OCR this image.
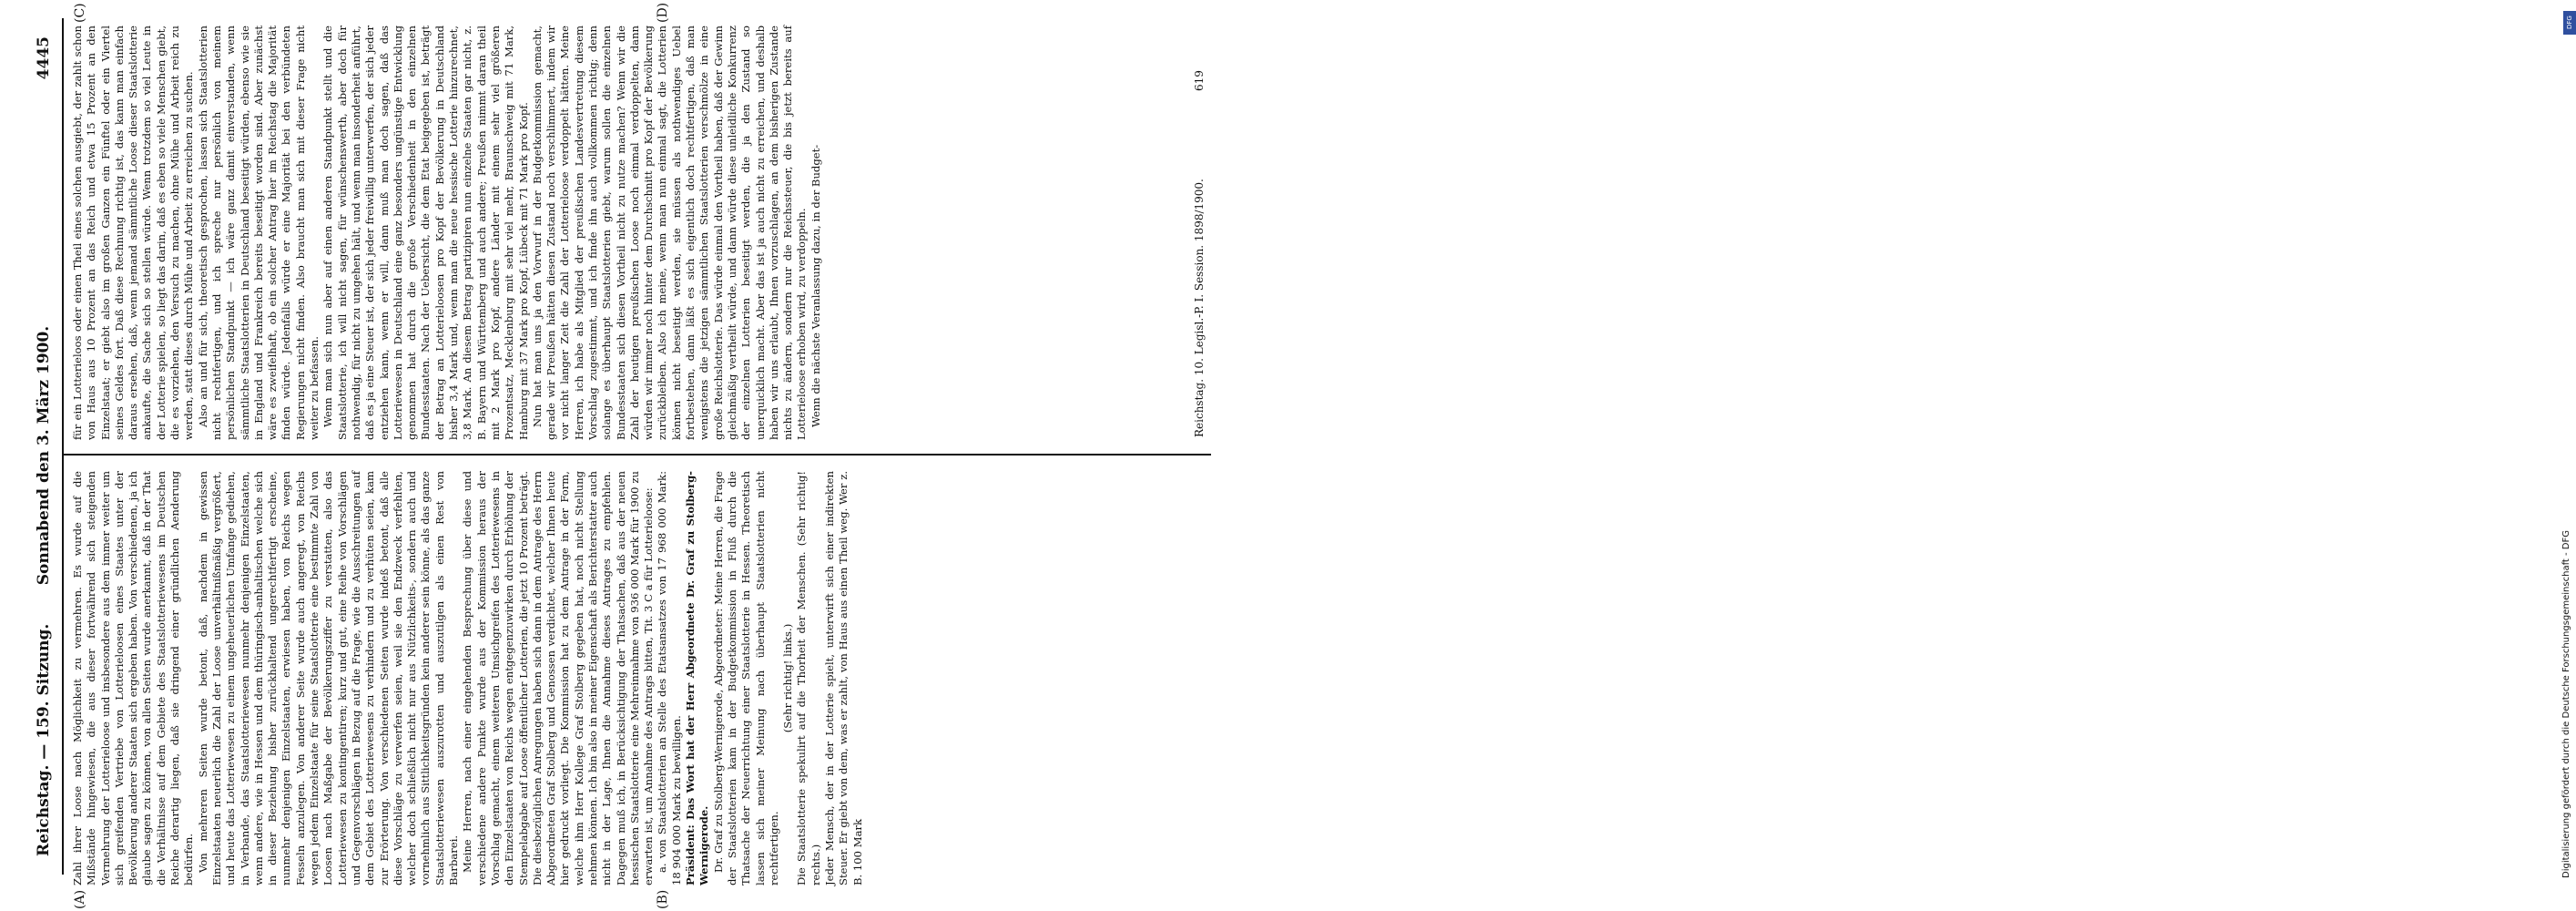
DFG
Digitalisierung gefördert durch die Deutsche Forschungsgemeinschaft - DFG
Reichstag. — 159. Sitzung.
Sonnabend den 3. März 1900.
4445
(A)	(B)
(C)	(D)

Zahl ihrer Loose nach Möglichkeit zu vermehren. Es wurde auf die Mißstände hingewiesen, die aus dieser fortwährend sich steigenden Vermehrung der Lotterieloose und insbesondere aus dem immer weiter um sich greifenden Vertriebe von Lotterieloosen eines Staates unter der Bevölkerung anderer Staaten sich ergeben haben. Von verschiedenen, ja ich glaube sagen zu können, von allen Seiten wurde anerkannt, daß in der That die Verhältnisse auf dem Gebiete des Staatslotteriewesens im Deutschen Reiche derartig liegen, daß sie dringend einer gründlichen Aenderung bedürfen. Von mehreren Seiten wurde betont, daß, nachdem in gewissen Einzelstaaten neuerlich die Zahl der Loose unverhältnißmäßig vergrößert, und heute das Lotteriewesen zu einem ungeheuerlichen Umfange gediehen, in Verbande, das Staatslotteriewesen nunmehr denjenigen Einzelstaaten, wenn andere, wie in Hessen und dem thüringisch-anhaltischen welche sich in dieser Beziehung bisher zurückhaltend ungerechtfertigt erscheine, nunmehr denjenigen Einzelstaaten, erwiesen haben, von Reichs wegen Fesseln anzulegen. Von anderer Seite wurde auch angeregt, von Reichs wegen jedem Einzelstaate für seine Staatslotterie eine bestimmte Zahl von Loosen nach Maßgabe der Bevölkerungsziffer zu verstatten, also das Lotteriewesen zu kontingentiren; kurz und gut, eine Reihe von Vorschlägen und Gegenvorschlägen in Bezug auf die Frage, wie die Ausschreitungen auf dem Gebiet des Lotteriewesens zu verhindern und zu verhüten seien, kam zur Erörterung. Von verschiedenen Seiten wurde indeß betont, daß alle diese Vorschläge zu verwerfen seien, weil sie den Endzweck verfehlten, welcher doch schließlich nicht nur aus Nützlichkeits-, sondern auch und vornehmlich aus Sittlichkeitsgründen kein anderer sein könne, als das ganze Staatslotteriewesen auszurotten und auszutilgen als einen Rest von Barbarei. Meine Herren, nach einer eingehenden Besprechung über diese und verschiedene andere Punkte wurde aus der Kommission heraus der Vorschlag gemacht, einem weiteren Umsichgreifen des Lotteriewesens in den Einzelstaaten von Reichs wegen entgegenzuwirken durch Erhöhung der Stempelabgabe auf Loose öffentlicher Lotterien, die jetzt 10 Prozent beträgt. Die diesbezüglichen Anregungen haben sich dann in dem Antrage des Herrn Abgeordneten Graf Stolberg und Genossen verdichtet, welcher Ihnen heute hier gedruckt vorliegt. Die Kommission hat zu dem Antrage in der Form, welche ihm Herr Kollege Graf Stolberg gegeben hat, noch nicht Stellung nehmen können. Ich bin also in meiner Eigenschaft als Berichterstatter auch nicht in der Lage, Ihnen die Annahme dieses Antrages zu empfehlen. Dagegen muß ich, in Berücksichtigung der Thatsachen, daß aus der neuen hessischen Staatslotterie eine Mehreinnahme von 936 000 Mark für 1900 zu erwarten ist, um Annahme des Antrags bitten, Tit. 3 C a für Lotterieloose: a. von Staatslotterien an Stelle des Etatsansatzes von 17 968 000 Mark: 18 904 000 Mark zu bewilligen. Präsident: Das Wort hat der Herr Abgeordnete Dr. Graf zu Stolberg-Wernigerode. Dr. Graf zu Stolberg-Wernigerode, Abgeordneter: Meine Herren, die Frage der Staatslotterien kam in der Budgetkommission in Fluß durch die Thatsache der Neuerrichtung einer Staatslotterie in Hessen. Theoretisch lassen sich meiner Meinung nach überhaupt Staatslotterien nicht rechtfertigen.

(Sehr richtig! links.) Die Staatslotterie spekulirt auf die Thorheit der Menschen. (Sehr richtig! rechts.) Jeder Mensch, der in der Lotterie spielt, unterwirft sich einer indirekten Steuer. Er giebt von dem, was er zahlt, von Haus aus einen Theil weg. Wer z. B. 100 Mark

für ein Lotterieloos oder einen Theil eines solchen ausgiebt, der zahlt schon von Haus aus 10 Prozent an das Reich und etwa 15 Prozent an den Einzelstaat; er giebt also im großen Ganzen ein Fünftel oder ein Viertel seines Geldes fort. Daß diese Rechnung richtig ist, das kann man einfach daraus ersehen, daß, wenn jemand sämmtliche Loose dieser Staatslotterie ankaufte, die Sache sich so stellen würde. Wenn trotzdem so viel Leute in der Lotterie spielen, so liegt das darin, daß es eben so viele Menschen giebt, die es vorziehen, den Versuch zu machen, ohne Mühe und Arbeit reich zu werden, statt dieses durch Mühe und Arbeit zu erreichen zu suchen. Also an und für sich, theoretisch gesprochen, lassen sich Staatslotterien nicht rechtfertigen, und ich spreche nur persönlich von meinem persönlichen Standpunkt — ich wäre ganz damit einverstanden, wenn sämmtliche Staatslotterien in Deutschland beseitigt würden, ebenso wie sie in England und Frankreich bereits beseitigt worden sind. Aber zunächst wäre es zweifelhaft, ob ein solcher Antrag hier im Reichstag die Majorität finden würde. Jedenfalls würde er eine Majorität bei den verbündeten Regierungen nicht finden. Also braucht man sich mit dieser Frage nicht weiter zu befassen. Wenn man sich nun aber auf einen anderen Standpunkt stellt und die Staatslotterie, ich will nicht sagen, für wünschenswerth, aber doch für nothwendig, für nicht zu umgehen hält, und wenn man insonderheit anführt, daß es ja eine Steuer ist, der sich jeder freiwillig unterwerfen, der sich jeder entziehen kann, wenn er will, dann muß man doch sagen, daß das Lotteriewesen in Deutschland eine ganz besonders ungünstige Entwicklung genommen hat durch die große Verschiedenheit in den einzelnen Bundesstaaten. Nach der Uebersicht, die dem Etat beigegeben ist, beträgt der Betrag an Lotterieloosen pro Kopf der Bevölkerung in Deutschland bisher 3,4 Mark und, wenn man die neue hessische Lotterie hinzurechnet, 3,8 Mark. An diesem Betrag partizipiren nun einzelne Staaten gar nicht, z. B. Bayern und Württemberg und auch andere; Preußen nimmt daran theil mit 2 Mark pro Kopf, andere Länder mit einem sehr viel größeren Prozentsatz, Mecklenburg mit sehr viel mehr, Braunschweig mit 71 Mark, Hamburg mit 37 Mark pro Kopf, Lübeck mit 71 Mark pro Kopf. Nun hat man uns ja den Vorwurf in der Budgetkommission gemacht, gerade wir Preußen hätten diesen Zustand noch verschlimmert, indem wir vor nicht langer Zeit die Zahl der Lotterieloose verdoppelt hätten. Meine Herren, ich habe als Mitglied der preußischen Landesvertretung diesem Vorschlag zugestimmt, und ich finde ihn auch vollkommen richtig; denn solange es überhaupt Staatslotterien giebt, warum sollen die einzelnen Bundesstaaten sich diesen Vortheil nicht zu nutze machen? Wenn wir die Zahl der heutigen preußischen Loose noch einmal verdoppelten, dann würden wir immer noch hinter dem Durchschnitt pro Kopf der Bevölkerung zurückbleiben. Also ich meine, wenn man nun einmal sagt, die Lotterien können nicht beseitigt werden, sie müssen als nothwendiges Uebel fortbestehen, dann läßt es sich eigentlich doch rechtfertigen, daß man wenigstens die jetzigen sämmtlichen Staatslotterien verschmölze in eine große Reichslotterie. Das würde einmal den Vortheil haben, daß der Gewinn gleichmäßig vertheilt würde, und dann würde diese unleidliche Konkurrenz der einzelnen Lotterien beseitigt werden, die ja den Zustand so unerquicklich macht. Aber das ist ja auch nicht zu erreichen, und deshalb haben wir uns erlaubt, Ihnen vorzuschlagen, an dem bisherigen Zustande nichts zu ändern, sondern nur die Reichssteuer, die bis jetzt bereits auf Lotterieloose erhoben wird, zu verdoppeln. Wenn die nächste Veranlassung dazu, in der Budget-	Reichstag. 10. Legisl.-P. I. Session. 1898/1900.
619
